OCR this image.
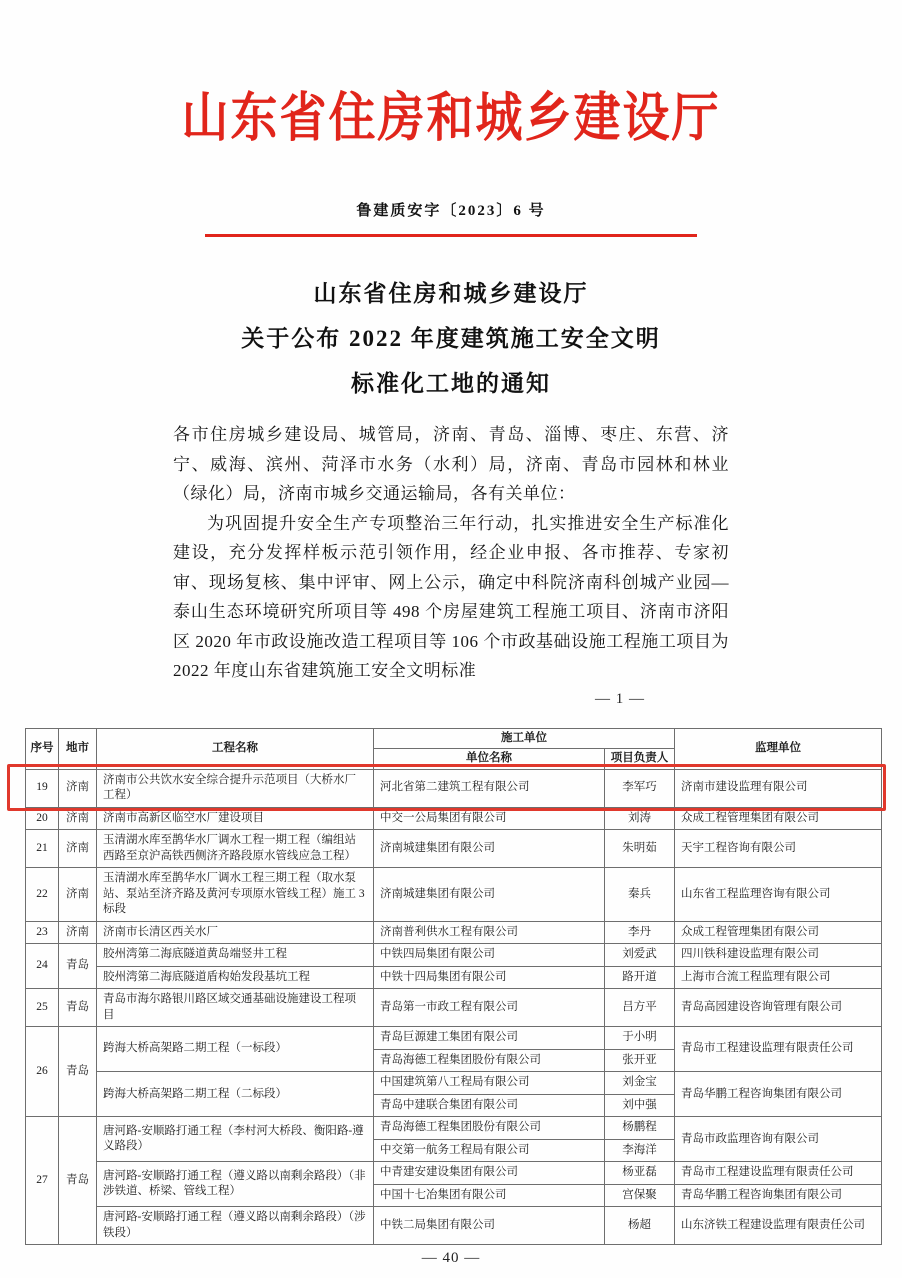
山东省住房和城乡建设厅
鲁建质安字〔2023〕6 号
山东省住房和城乡建设厅
关于公布 2022 年度建筑施工安全文明
标准化工地的通知

各市住房城乡建设局、城管局，济南、青岛、淄博、枣庄、东营、济宁、威海、滨州、菏泽市水务（水利）局，济南、青岛市园林和林业（绿化）局，济南市城乡交通运输局，各有关单位：

为巩固提升安全生产专项整治三年行动，扎实推进安全生产标准化建设，充分发挥样板示范引领作用，经企业申报、各市推荐、专家初审、现场复核、集中评审、网上公示，确定中科院济南科创城产业园—泰山生态环境研究所项目等 498 个房屋建筑工程施工项目、济南市济阳区 2020 年市政设施改造工程项目等 106 个市政基础设施工程施工项目为 2022 年度山东省建筑施工安全文明标准

— 1 —
序号	地市	工程名称	施工单位		监理单位
			单位名称	项目负责人	
19	济南	济南市公共饮水安全综合提升示范项目（大桥水厂工程）	河北省第二建筑工程有限公司	李军巧	济南市建设监理有限公司
20	济南	济南市高新区临空水厂建设项目	中交一公局集团有限公司	刘涛	众成工程管理集团有限公司
21	济南	玉清湖水库至鹊华水厂调水工程一期工程（编组站西路至京沪高铁西侧济齐路段原水管线应急工程）	济南城建集团有限公司	朱明茹	天宇工程咨询有限公司
22	济南	玉清湖水库至鹊华水厂调水工程三期工程（取水泵站、泵站至济齐路及黄河专项原水管线工程）施工 3 标段	济南城建集团有限公司	秦兵	山东省工程监理咨询有限公司
23	济南	济南市长清区西关水厂	济南普利供水工程有限公司	李丹	众成工程管理集团有限公司
24	青岛	胶州湾第二海底隧道黄岛端竖井工程	中铁四局集团有限公司	刘爱武	四川铁科建设监理有限公司
		胶州湾第二海底隧道盾构始发段基坑工程	中铁十四局集团有限公司	路开道	上海市合流工程监理有限公司
25	青岛	青岛市海尔路银川路区域交通基础设施建设工程项目	青岛第一市政工程有限公司	吕方平	青岛高园建设咨询管理有限公司
26	青岛	跨海大桥高架路二期工程（一标段）	青岛巨源建工集团有限公司	于小明	青岛市工程建设监理有限责任公司
			青岛海德工程集团股份有限公司	张开亚	
		跨海大桥高架路二期工程（二标段）	中国建筑第八工程局有限公司	刘金宝	青岛华鹏工程咨询集团有限公司
			青岛中建联合集团有限公司	刘中强	
27	青岛	唐河路-安顺路打通工程（李村河大桥段、衡阳路-遵义路段）	青岛海德工程集团股份有限公司	杨鹏程	青岛市政监理咨询有限公司
			中交第一航务工程局有限公司	李海洋	
		唐河路-安顺路打通工程（遵义路以南剩余路段）（非涉铁道、桥梁、管线工程）	中青建安建设集团有限公司	杨亚磊	青岛市工程建设监理有限责任公司
			中国十七冶集团有限公司	宫保聚	青岛华鹏工程咨询集团有限公司
		唐河路-安顺路打通工程（遵义路以南剩余路段）（涉铁段）	中铁二局集团有限公司	杨超	山东济铁工程建设监理有限责任公司
— 40 —
